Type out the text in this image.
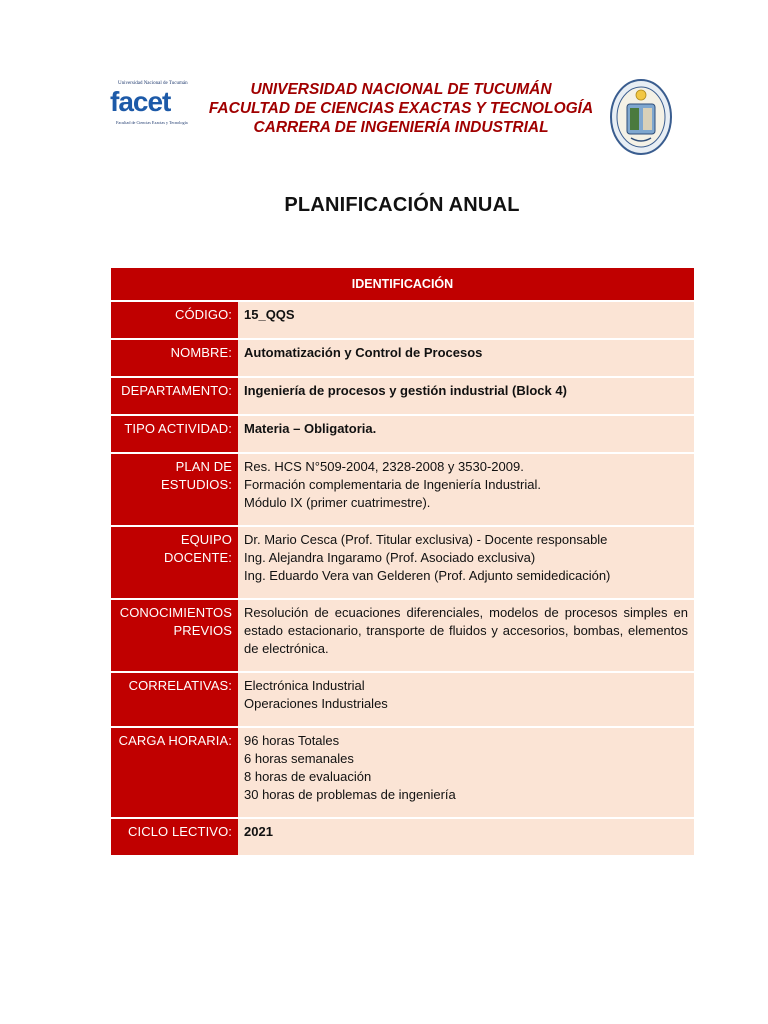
Universidad Nacional de Tucumán
facet
Facultad de Ciencias Exactas y Tecnología
UNIVERSIDAD NACIONAL DE TUCUMÁN
FACULTAD DE CIENCIAS EXACTAS Y TECNOLOGÍA
CARRERA DE INGENIERÍA INDUSTRIAL
PLANIFICACIÓN ANUAL
IDENTIFICACIÓN
CÓDIGO: 15_QQS
NOMBRE: Automatización y Control de Procesos
DEPARTAMENTO: Ingeniería de procesos y gestión industrial (Block 4)
TIPO ACTIVIDAD: Materia – Obligatoria.
PLAN DE
ESTUDIOS:
Res. HCS N°509-2004, 2328-2008 y 3530-2009.
Formación complementaria de Ingeniería Industrial.
Módulo IX (primer cuatrimestre).
EQUIPO
DOCENTE:
Dr. Mario Cesca (Prof. Titular exclusiva) - Docente responsable
Ing. Alejandra Ingaramo (Prof. Asociado exclusiva)
Ing. Eduardo Vera van Gelderen (Prof. Adjunto semidedicación)
CONOCIMIENTOS
PREVIOS
Resolución de ecuaciones diferenciales, modelos de procesos simples en estado estacionario, transporte de fluidos y accesorios, bombas, elementos de electrónica.
CORRELATIVAS: Electrónica Industrial
Operaciones Industriales
CARGA HORARIA: 96 horas Totales
6 horas semanales
8 horas de evaluación
30 horas de problemas de ingeniería
CICLO LECTIVO: 2021
